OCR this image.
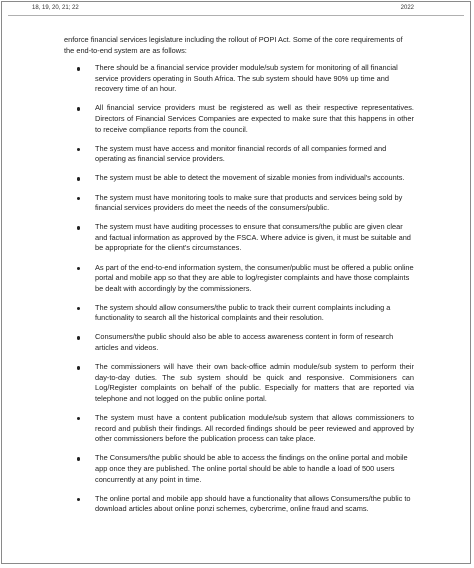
18, 19, 20, 21; 22	2022

enforce financial services legislature including the rollout of POPI Act. Some of the core requirements of the end-to-end system are as follows:

There should be a financial service provider module/sub system for monitoring of all financial service providers operating in South Africa. The sub system should have 90% up time and recovery time of an hour.
All financial service providers must be registered as well as their respective representatives. Directors of Financial Services Companies are expected to make sure that this happens in other to receive compliance reports from the council.
The system must have access and monitor financial records of all companies formed and operating as financial service providers.
The system must be able to detect the movement of sizable monies from individual's accounts.
The system must have monitoring tools to make sure that products and services being sold by financial services providers do meet the needs of the consumers/public.
The system must have auditing processes to ensure that consumers/the public are given clear and factual information as approved by the FSCA. Where advice is given, it must be suitable and be appropriate for the client's circumstances.
As part of the end-to-end information system, the consumer/public must be offered a public online portal and mobile app so that they are able to log/register complaints and have those complaints be dealt with accordingly by the commissioners.
The system should allow consumers/the public to track their current complaints including a functionality to search all the historical complaints and their resolution.
Consumers/the public should also be able to access awareness content in form of research articles and videos.
The commissioners will have their own back-office admin module/sub system to perform their day-to-day duties. The sub system should be quick and responsive. Commisioners can Log/Register complaints on behalf of the public. Especially for matters that are reported via telephone and not logged on the public online portal.
The system must have a content publication module/sub system that allows commissioners to record and publish their findings. All recorded findings should be peer reviewed and approved by other commissioners before the publication process can take place.
The Consumers/the public should be able to access the findings on the online portal and mobile app once they are published. The online portal should be able to handle a load of 500 users concurrently at any point in time.
The online portal and mobile app should have a functionality that allows Consumers/the public to download articles about online ponzi schemes, cybercrime, online fraud and scams.
